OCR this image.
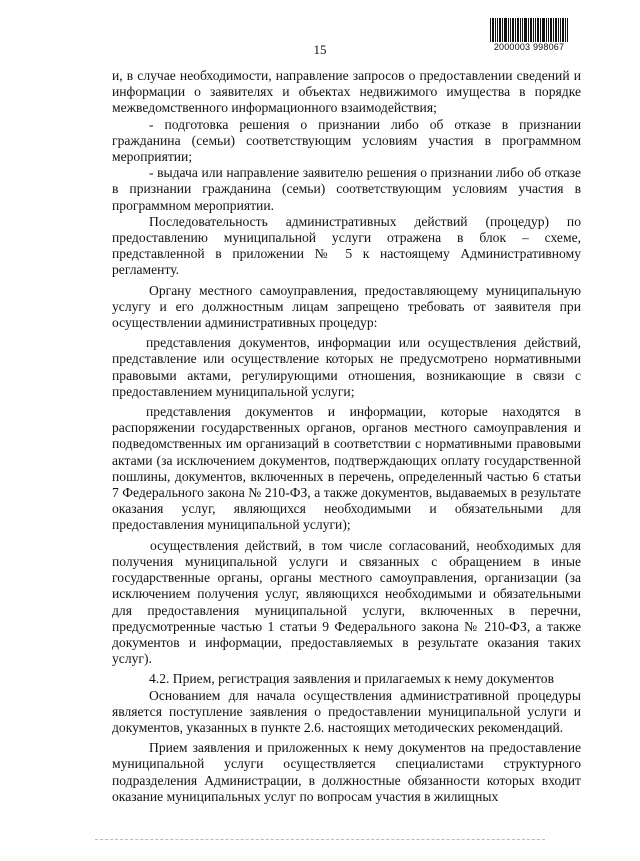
2000003 998067
15

и, в случае необходимости, направление запросов о предоставлении сведений и информации о заявителях и объектах недвижимого имущества в порядке межведомственного информационного взаимодействия;

- подготовка решения о признании либо об отказе в признании гражданина (семьи) соответствующим условиям участия в программном мероприятии;

- выдача или направление заявителю решения о признании либо об отказе в признании гражданина (семьи) соответствующим условиям участия в программном мероприятии.

Последовательность административных действий (процедур) по предоставлению муниципальной услуги отражена в блок – схеме, представленной в приложении № 5 к настоящему Административному регламенту.

Органу местного самоуправления, предоставляющему муниципальную услугу и его должностным лицам запрещено требовать от заявителя при осуществлении административных процедур:

представления документов, информации или осуществления действий, представление или осуществление которых не предусмотрено нормативными правовыми актами, регулирующими отношения, возникающие в связи с предоставлением муниципальной услуги;

представления документов и информации, которые находятся в распоряжении государственных органов, органов местного самоуправления и подведомственных им организаций в соответствии с нормативными правовыми актами (за исключением документов, подтверждающих оплату государственной пошлины, документов, включенных в перечень, определенный частью 6 статьи 7 Федерального закона № 210-ФЗ, а также документов, выдаваемых в результате оказания услуг, являющихся необходимыми и обязательными для предоставления муниципальной услуги);

осуществления действий, в том числе согласований, необходимых для получения муниципальной услуги и связанных с обращением в иные государственные органы, органы местного самоуправления, организации (за исключением получения услуг, являющихся необходимыми и обязательными для предоставления муниципальной услуги, включенных в перечни, предусмотренные частью 1 статьи 9 Федерального закона № 210-ФЗ, а также документов и информации, предоставляемых в результате оказания таких услуг).

4.2. Прием, регистрация заявления и прилагаемых к нему документов

Основанием для начала осуществления административной процедуры является поступление заявления о предоставлении муниципальной услуги и документов, указанных в пункте 2.6. настоящих методических рекомендаций.

Прием заявления и приложенных к нему документов на предоставление муниципальной услуги осуществляется специалистами структурного подразделения Администрации, в должностные обязанности которых входит оказание муниципальных услуг по вопросам участия в жилищных
